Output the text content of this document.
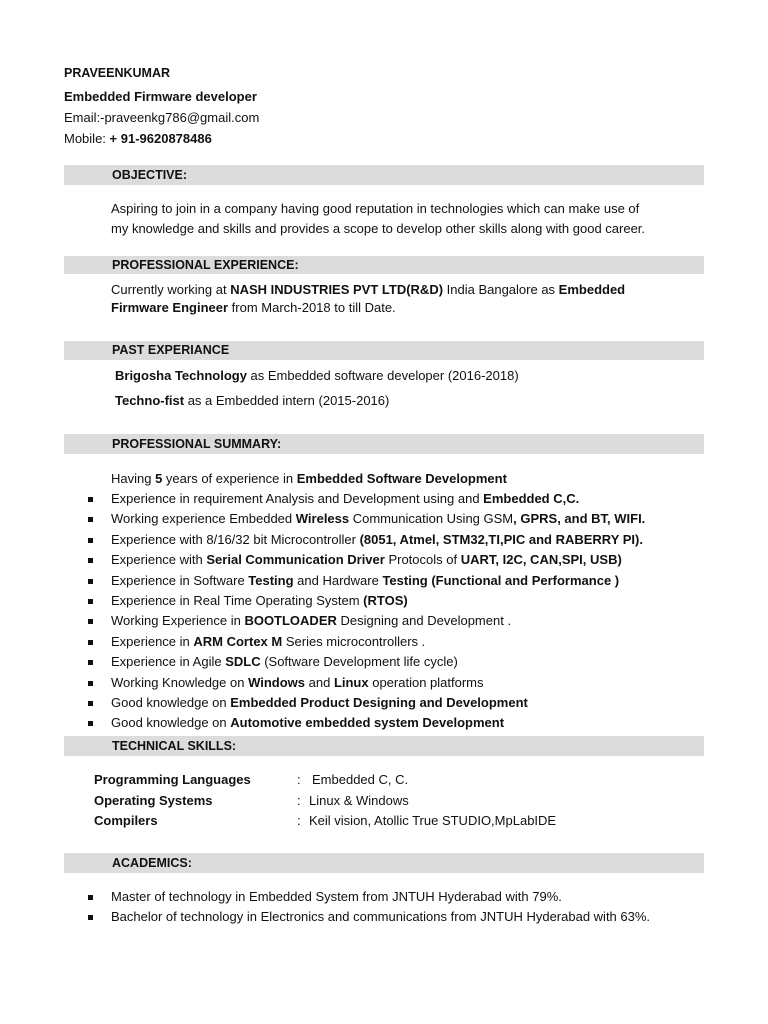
PRAVEENKUMAR
Embedded Firmware developer
Email:-praveenkg786@gmail.com
Mobile: + 91-9620878486
OBJECTIVE:
Aspiring to join in a company having good reputation in technologies which can make use of
my knowledge and skills and provides a scope to develop other skills along with good career.
PROFESSIONAL EXPERIENCE:
Currently working at NASH INDUSTRIES PVT LTD(R&D) India Bangalore as Embedded
Firmware Engineer from March-2018 to till Date.
PAST EXPERIANCE
Brigosha Technology as Embedded software developer (2016-2018)
Techno-fist as a Embedded intern (2015-2016)
PROFESSIONAL SUMMARY:
Having 5 years of experience in Embedded Software Development
Experience in requirement Analysis and Development using and Embedded C,C.
Working experience Embedded Wireless Communication Using GSM, GPRS, and BT, WIFI.
Experience with 8/16/32 bit Microcontroller (8051, Atmel, STM32,TI,PIC and RABERRY PI).
Experience with Serial Communication Driver Protocols of UART, I2C, CAN,SPI, USB)
Experience in Software Testing and Hardware Testing (Functional and Performance )
Experience in Real Time Operating System (RTOS)
Working Experience in BOOTLOADER Designing and Development .
Experience in ARM Cortex M Series microcontrollers .
Experience in Agile SDLC (Software Development life cycle)
Working Knowledge on Windows and Linux operation platforms
Good knowledge on Embedded Product Designing and Development
Good knowledge on Automotive embedded system Development
TECHNICAL SKILLS:
Programming Languages	: Embedded C, C.
Operating Systems	: Linux & Windows
Compilers	: Keil vision, Atollic True STUDIO,MpLabIDE
ACADEMICS:
Master of technology in Embedded System from JNTUH Hyderabad with 79%.
Bachelor of technology in Electronics and communications from JNTUH Hyderabad with 63%.
